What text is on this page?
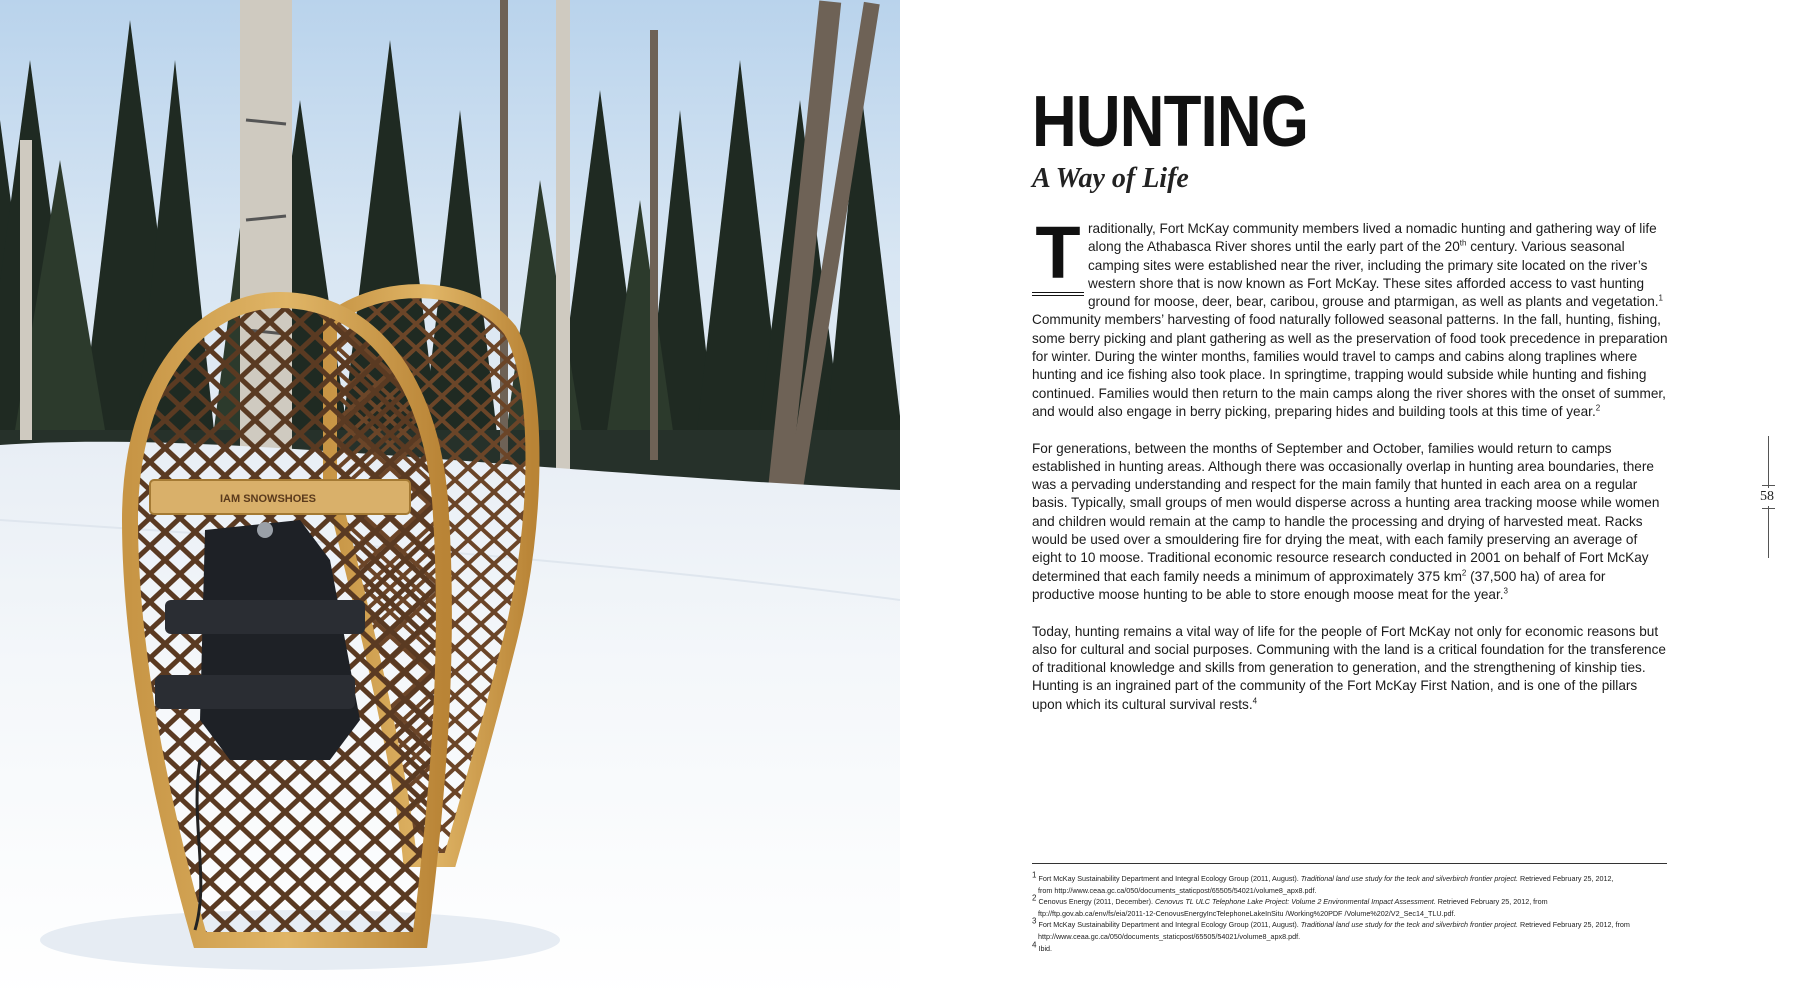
IAM SNOWSHOES
HUNTING
A Way of Life

T raditionally, Fort McKay community members lived a nomadic hunting and gathering way of life along the Athabasca River shores until the early part of the 20th century. Various seasonal camping sites were established near the river, including the primary site located on the river’s western shore that is now known as Fort McKay. These sites afforded access to vast hunting ground for moose, deer, bear, caribou, grouse and ptarmigan, as well as plants and vegetation.$^1$ Community members’ harvesting of food naturally followed seasonal patterns. In the fall, hunting, fishing, some berry picking and plant gathering as well as the preservation of food took precedence in preparation for winter. During the winter months, families would travel to camps and cabins along traplines where hunting and ice fishing also took place. In springtime, trapping would subside while hunting and fishing continued. Families would then return to the main camps along the river shores with the onset of summer, and would also engage in berry picking, preparing hides and building tools at this time of year.$^2$

For generations, between the months of September and October, families would return to camps established in hunting areas. Although there was occasionally overlap in hunting area boundaries, there was a pervading understanding and respect for the main family that hunted in each area on a regular basis. Typically, small groups of men would disperse across a hunting area tracking moose while women and children would remain at the camp to handle the processing and drying of harvested meat. Racks would be used over a smouldering fire for drying the meat, with each family preserving an average of eight to 10 moose. Traditional economic resource research conducted in 2001 on behalf of Fort McKay determined that each family needs a minimum of approximately 375 $km^2$ (37,500 ha) of area for productive moose hunting to be able to store enough moose meat for the year.$^3$

Today, hunting remains a vital way of life for the people of Fort McKay not only for economic reasons but also for cultural and social purposes. Communing with the land is a critical foundation for the transference of traditional knowledge and skills from generation to generation, and the strengthening of kinship ties. Hunting is an ingrained part of the community of the Fort McKay First Nation, and is one of the pillars upon which its cultural survival rests.$^4$

58

$^1$ Fort McKay Sustainability Department and Integral Ecology Group (2011, August). Traditional land use study for the teck and silverbirch frontier project. Retrieved February 25, 2012,

from http://www.ceaa.gc.ca/050/documents_staticpost/65505/54021/volume8_apx8.pdf.

$^2$ Cenovus Energy (2011, December). Cenovus TL ULC Telephone Lake Project: Volume 2 Environmental Impact Assessment. Retrieved February 25, 2012, from

ftp://ftp.gov.ab.ca/env/fs/eia/2011-12-CenovusEnergyIncTelephoneLakeInSitu /Working%20PDF /Volume%202/V2_Sec14_TLU.pdf.

$^3$ Fort McKay Sustainability Department and Integral Ecology Group (2011, August). Traditional land use study for the teck and silverbirch frontier project. Retrieved February 25, 2012, from

http://www.ceaa.gc.ca/050/documents_staticpost/65505/54021/volume8_apx8.pdf.

$^4$ Ibid.
